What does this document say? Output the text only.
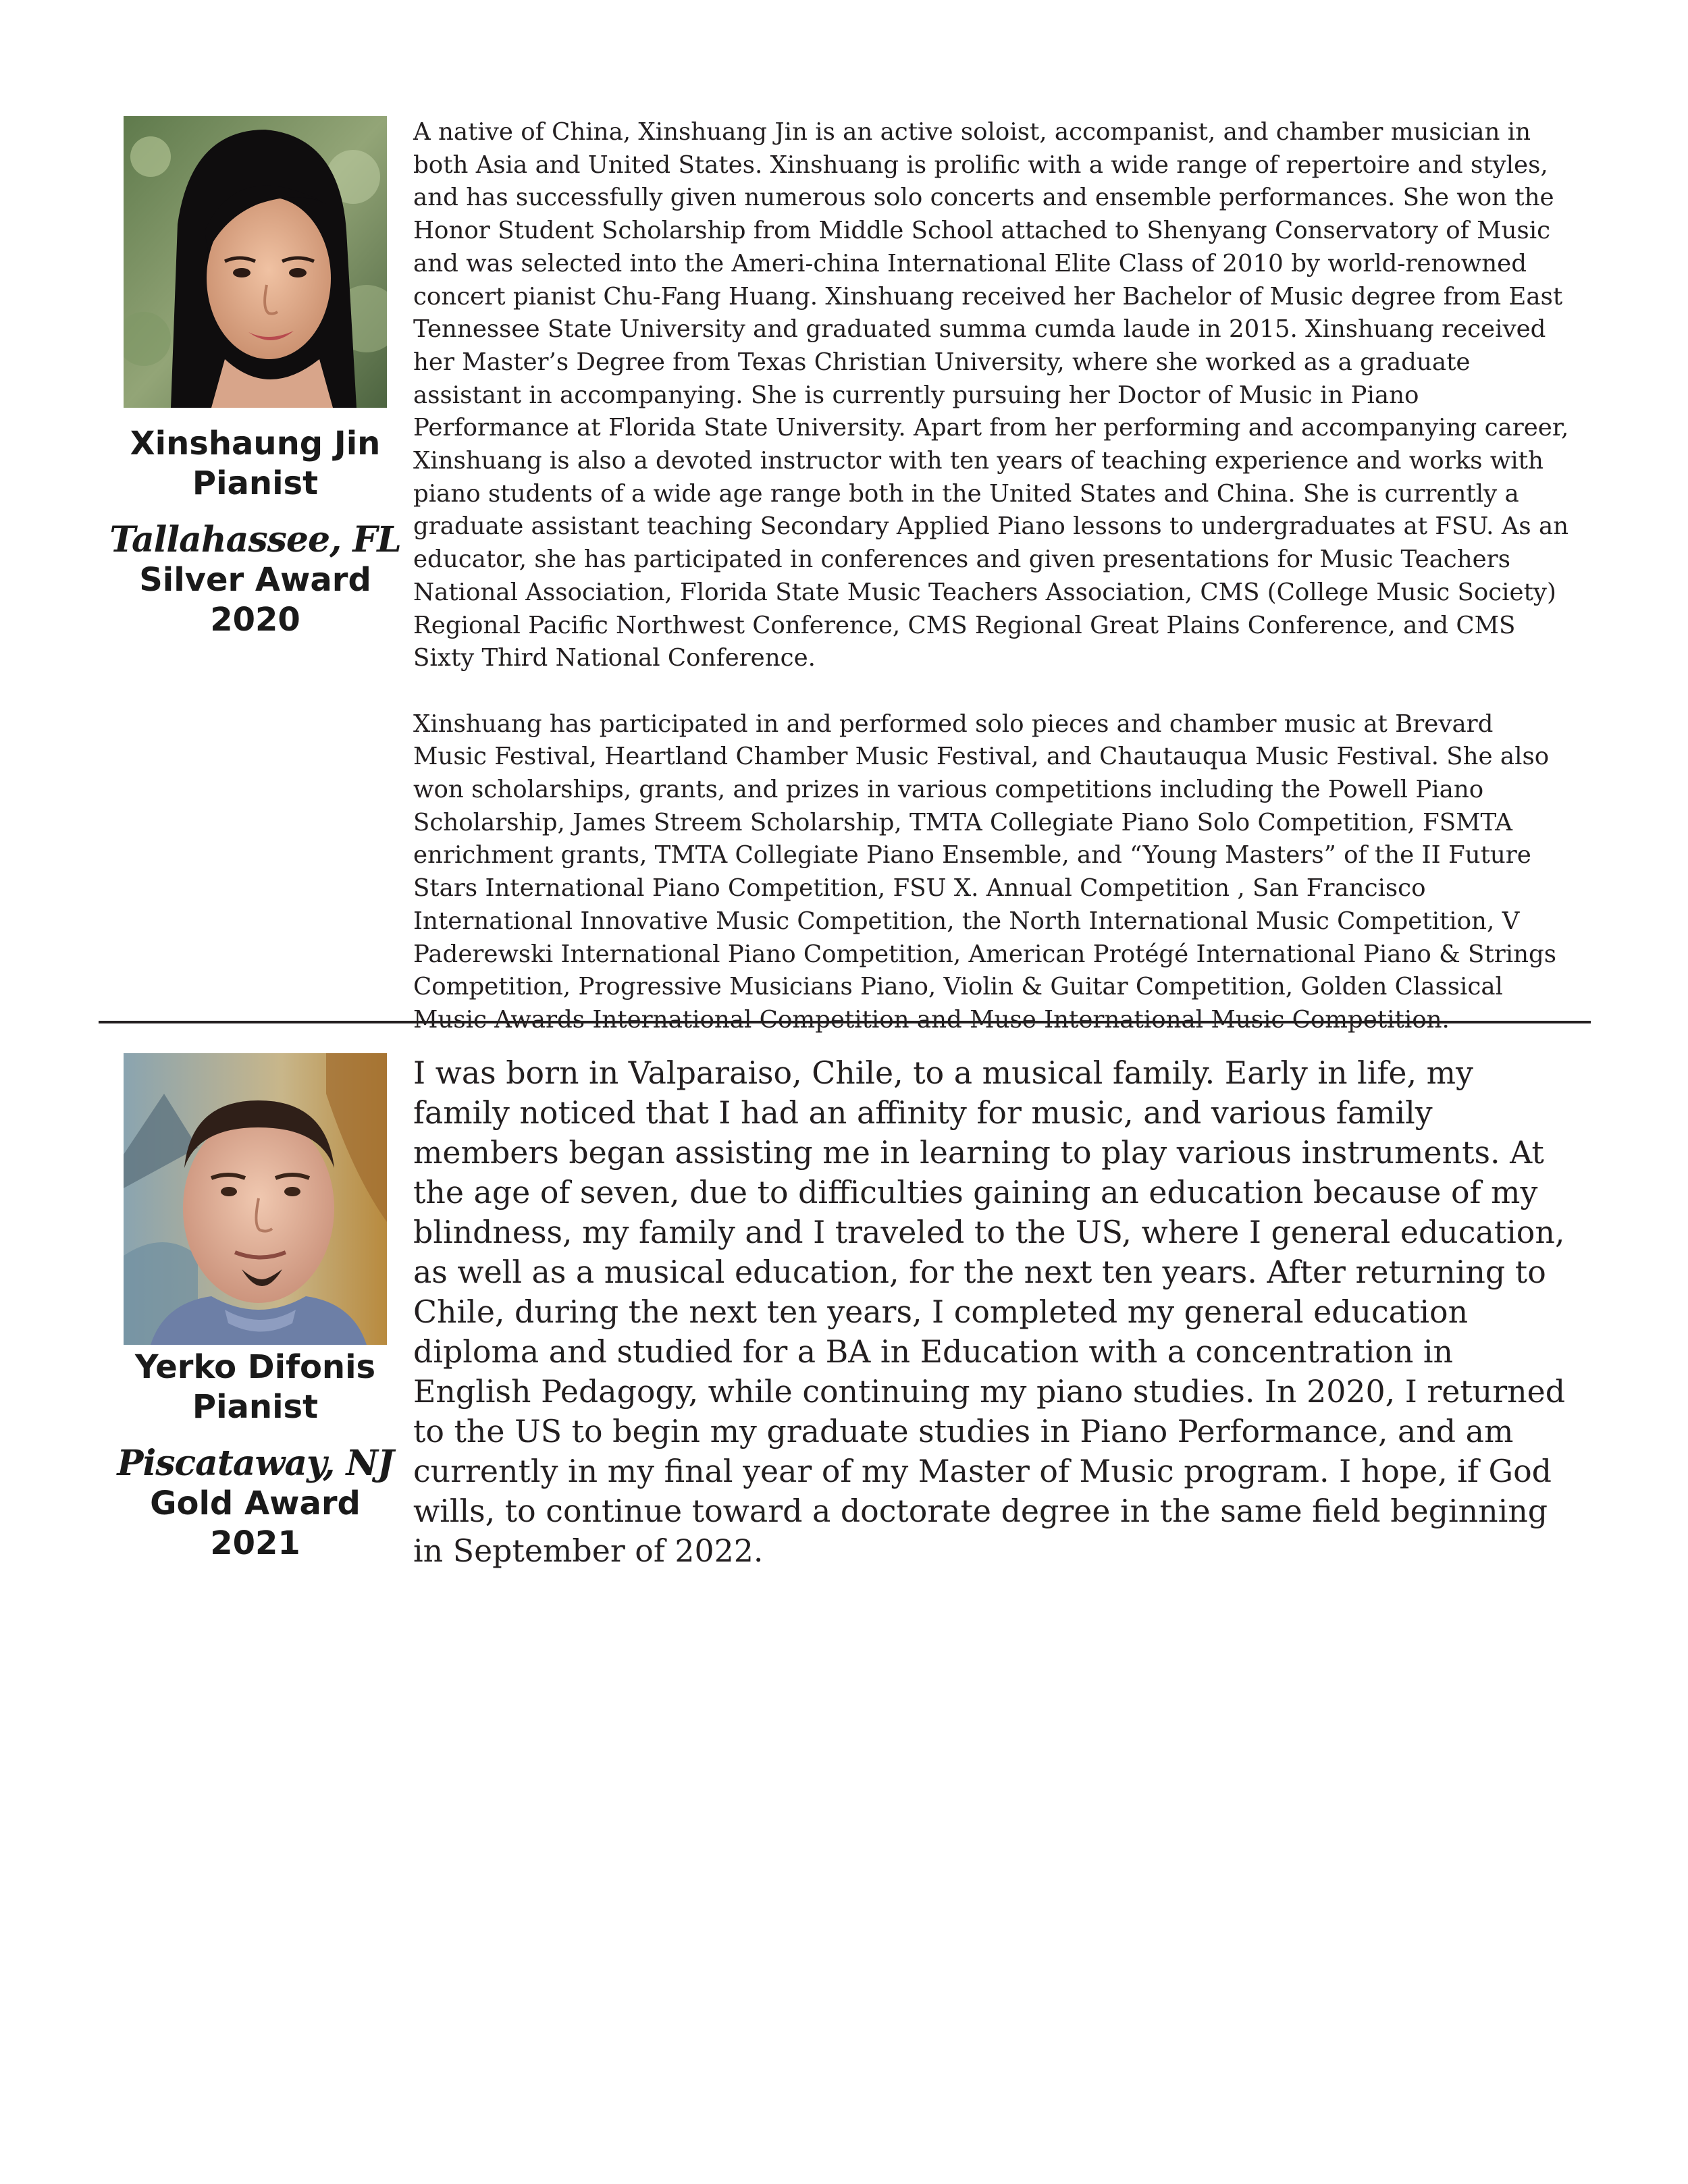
Xinshaung Jin
Pianist
Tallahassee, FL
Silver Award
2020

A native of China, Xinshuang Jin is an active soloist, accompanist, and chamber musician in both Asia and United States. Xinshuang is prolific with a wide range of repertoire and styles, and has successfully given numerous solo concerts and ensemble performances. She won the Honor Student Scholarship from Middle School attached to Shenyang Conservatory of Music and was selected into the Ameri-china International Elite Class of 2010 by world-renowned concert pianist Chu-Fang Huang. Xinshuang received her Bachelor of Music degree from East Tennessee State University and graduated summa cumda laude in 2015. Xinshuang received her Master’s Degree from Texas Christian University, where she worked as a graduate assistant in accompanying. She is currently pursuing her Doctor of Music in Piano Performance at Florida State University. Apart from her performing and accompanying career, Xinshuang is also a devoted instructor with ten years of teaching experience and works with piano students of a wide age range both in the United States and China. She is currently a graduate assistant teaching Secondary Applied Piano lessons to undergraduates at FSU. As an educator, she has participated in conferences and given presentations for Music Teachers National Association, Florida State Music Teachers Association, CMS (College Music Society) Regional Pacific Northwest Conference, CMS Regional Great Plains Conference, and CMS Sixty Third National Conference.

Xinshuang has participated in and performed solo pieces and chamber music at Brevard Music Festival, Heartland Chamber Music Festival, and Chautauqua Music Festival. She also won scholarships, grants, and prizes in various competitions including the Powell Piano Scholarship, James Streem Scholarship, TMTA Collegiate Piano Solo Competition, FSMTA enrichment grants, TMTA Collegiate Piano Ensemble, and “Young Masters” of the II Future Stars International Piano Competition, FSU X. Annual Competition , San Francisco International Innovative Music Competition, the North International Music Competition, V Paderewski International Piano Competition, American Protégé International Piano & Strings Competition, Progressive Musicians Piano, Violin & Guitar Competition, Golden Classical Music Awards International Competition and Muse International Music Competition.

Yerko Difonis
Pianist
Piscataway, NJ
Gold Award
2021

I was born in Valparaiso, Chile, to a musical family. Early in life, my family noticed that I had an affinity for music, and various family members began assisting me in learning to play various instruments. At the age of seven, due to difficulties gaining an education because of my blindness, my family and I traveled to the US, where I general education, as well as a musical education, for the next ten years. After returning to Chile, during the next ten years, I completed my general education diploma and studied for a BA in Education with a concentration in English Pedagogy, while continuing my piano studies. In 2020, I returned to the US to begin my graduate studies in Piano Performance, and am currently in my final year of my Master of Music program. I hope, if God wills, to continue toward a doctorate degree in the same field beginning in September of 2022.
